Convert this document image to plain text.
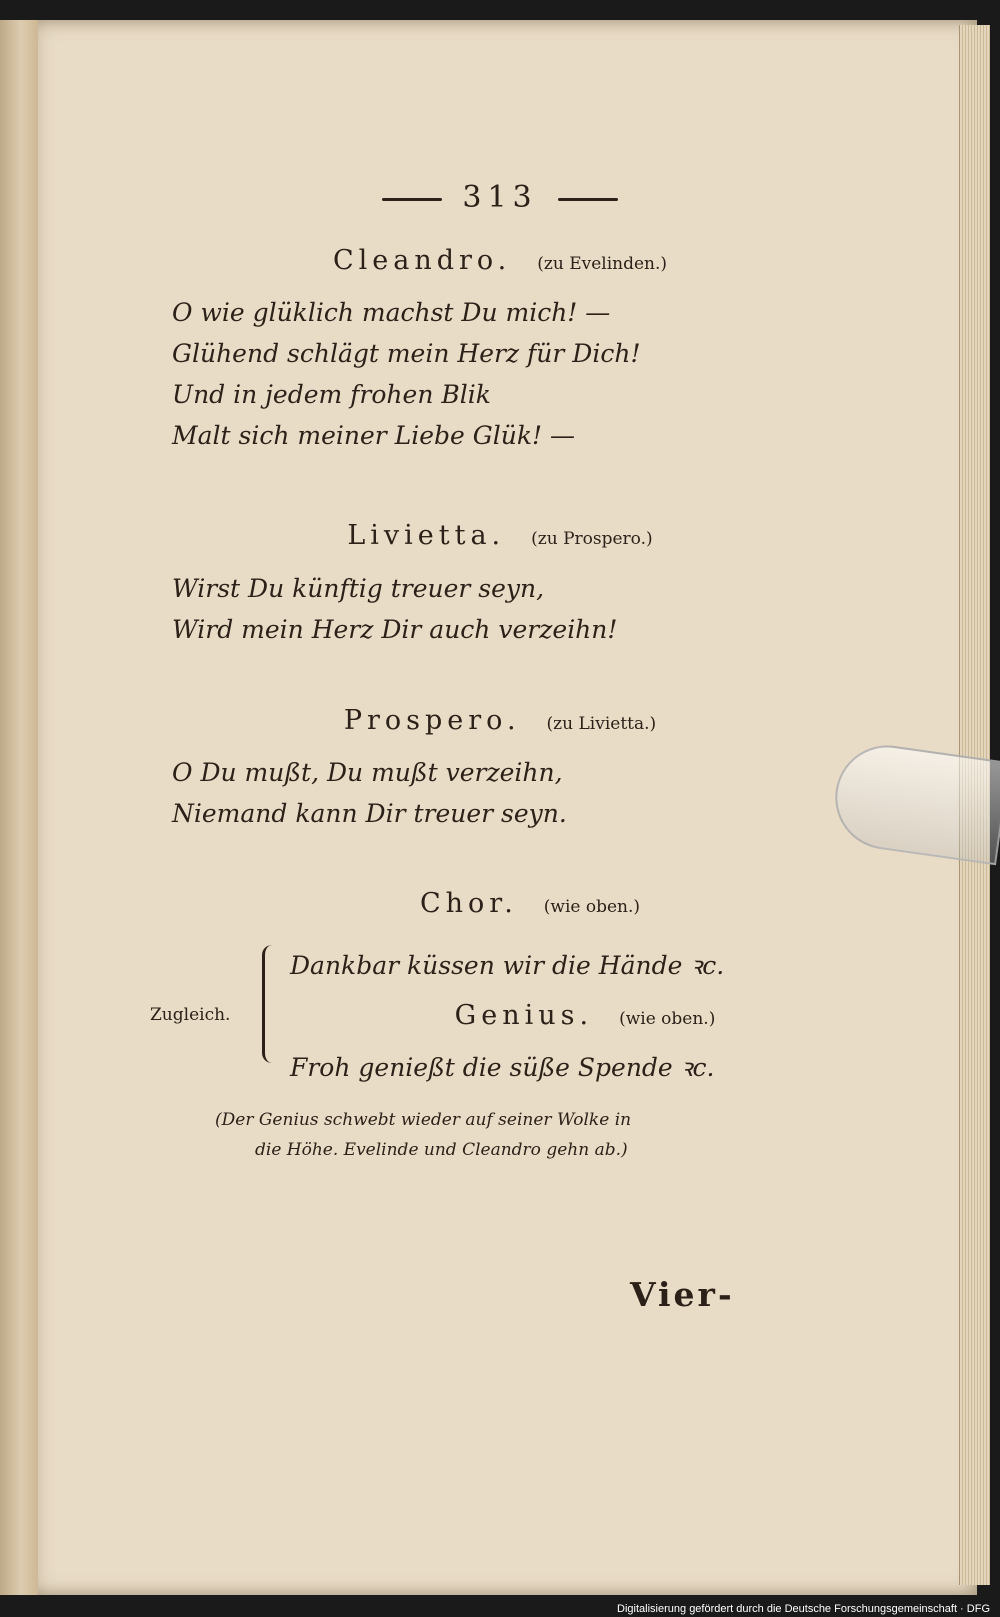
313
Cleandro. (zu Evelinden.)
O wie glüklich machst Du mich! —
Glühend schlägt mein Herz für Dich!
Und in jedem frohen Blik
Malt sich meiner Liebe Glük! —
Livietta. (zu Prospero.)
Wirst Du künftig treuer seyn,
Wird mein Herz Dir auch verzeihn!
Prospero. (zu Livietta.)
O Du mußt, Du mußt verzeihn,
Niemand kann Dir treuer seyn.
Chor. (wie oben.)
Zugleich.
Dankbar küssen wir die Hände ꝛc.
Genius. (wie oben.)
Froh genießt die süße Spende ꝛc.
(Der Genius schwebt wieder auf seiner Wolke in
die Höhe. Evelinde und Cleandro gehn ab.)
Vier-
Digitalisierung gefördert durch die Deutsche Forschungsgemeinschaft · DFG
